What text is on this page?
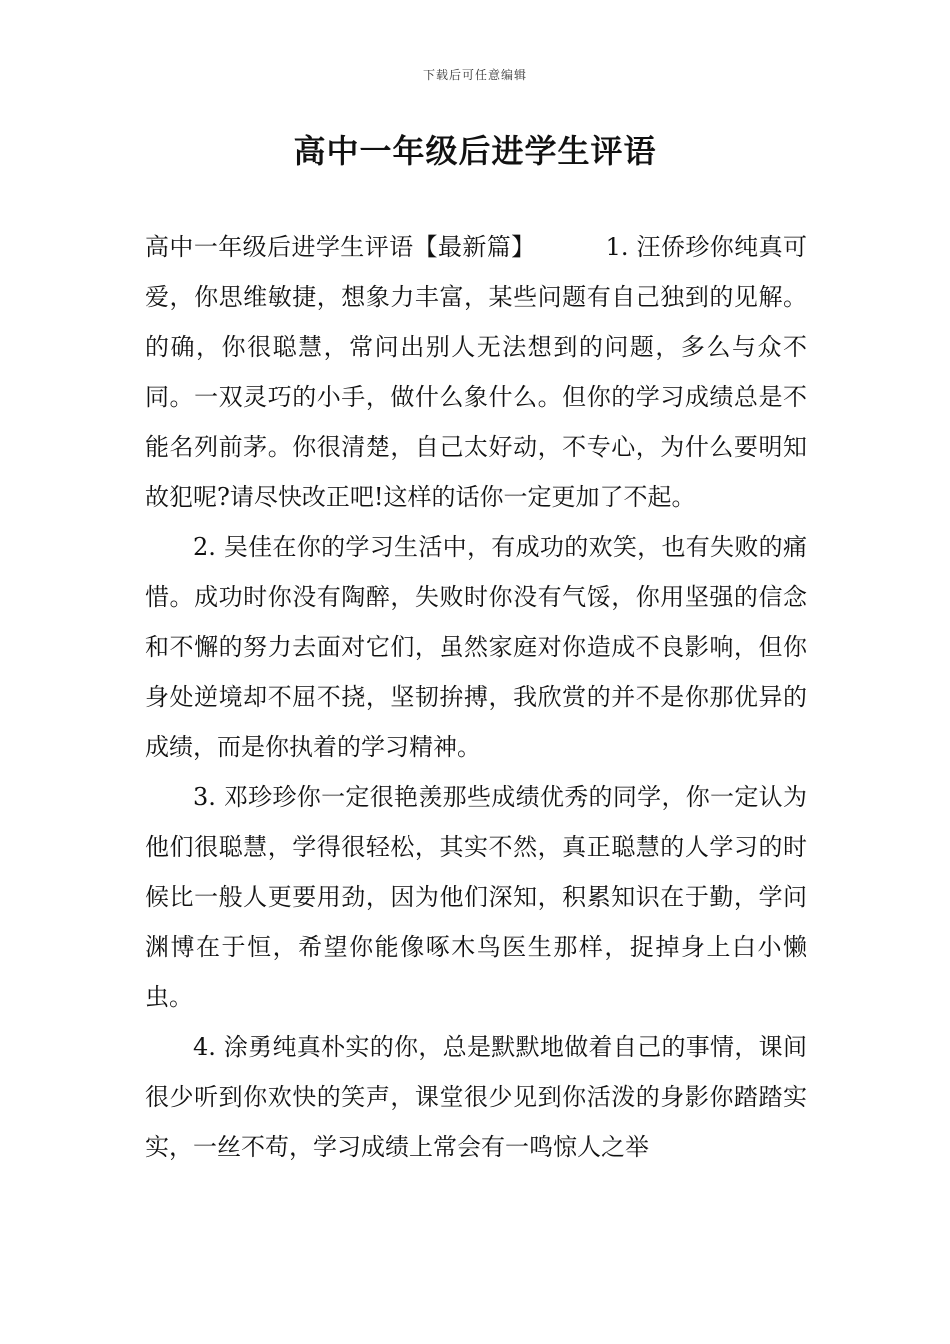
下载后可任意编辑
高中一年级后进学生评语

高中一年级后进学生评语【最新篇】	1. 汪侨珍你纯真可爱，你思维敏捷，想象力丰富，某些问题有自己独到的见解。的确，你很聪慧，常问出别人无法想到的问题，多么与众不同。一双灵巧的小手，做什么象什么。但你的学习成绩总是不能名列前茅。你很清楚，自己太好动，不专心，为什么要明知故犯呢?请尽快改正吧!这样的话你一定更加了不起。

2. 吴佳在你的学习生活中，有成功的欢笑，也有失败的痛惜。成功时你没有陶醉，失败时你没有气馁，你用坚强的信念和不懈的努力去面对它们，虽然家庭对你造成不良影响，但你身处逆境却不屈不挠，坚韧拚搏，我欣赏的并不是你那优异的成绩，而是你执着的学习精神。

3. 邓珍珍你一定很艳羡那些成绩优秀的同学，你一定认为他们很聪慧，学得很轻松，其实不然，真正聪慧的人学习的时候比一般人更要用劲，因为他们深知，积累知识在于勤，学问渊博在于恒，希望你能像啄木鸟医生那样，捉掉身上白小懒虫。

4. 涂勇纯真朴实的你，总是默默地做着自己的事情，课间很少听到你欢快的笑声，课堂很少见到你活泼的身影你踏踏实实，一丝不苟，学习成绩上常会有一鸣惊人之举
